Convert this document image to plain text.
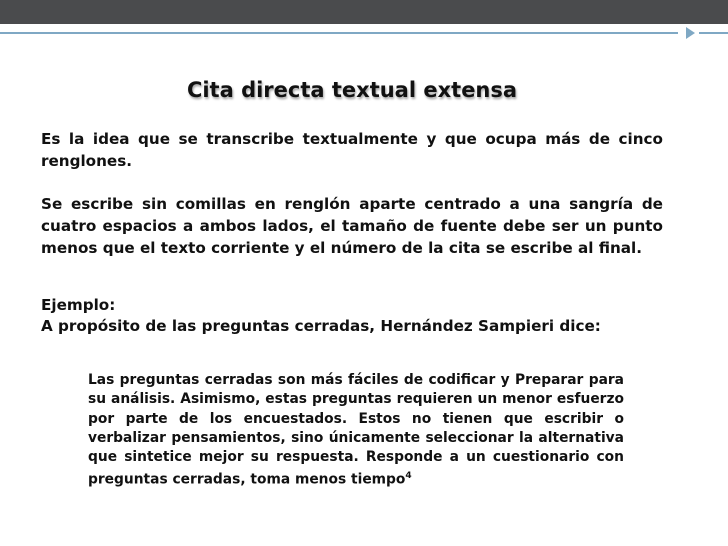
Cita directa textual extensa
Es la idea que se transcribe textualmente y que ocupa más de cinco renglones.
Se escribe sin comillas en renglón aparte centrado a una sangría de cuatro espacios a ambos lados, el tamaño de fuente debe ser un punto menos que el texto corriente y el número de la cita se escribe al final.
Ejemplo:
A propósito de las preguntas cerradas, Hernández Sampieri dice:
Las preguntas cerradas son más fáciles de codificar y Preparar para su análisis. Asimismo, estas preguntas requieren un menor esfuerzo por parte de los encuestados. Estos no tienen que escribir o verbalizar pensamientos, sino únicamente seleccionar la alternativa que sintetice mejor su respuesta. Responde a un cuestionario con preguntas cerradas, toma menos tiempo$^4$
